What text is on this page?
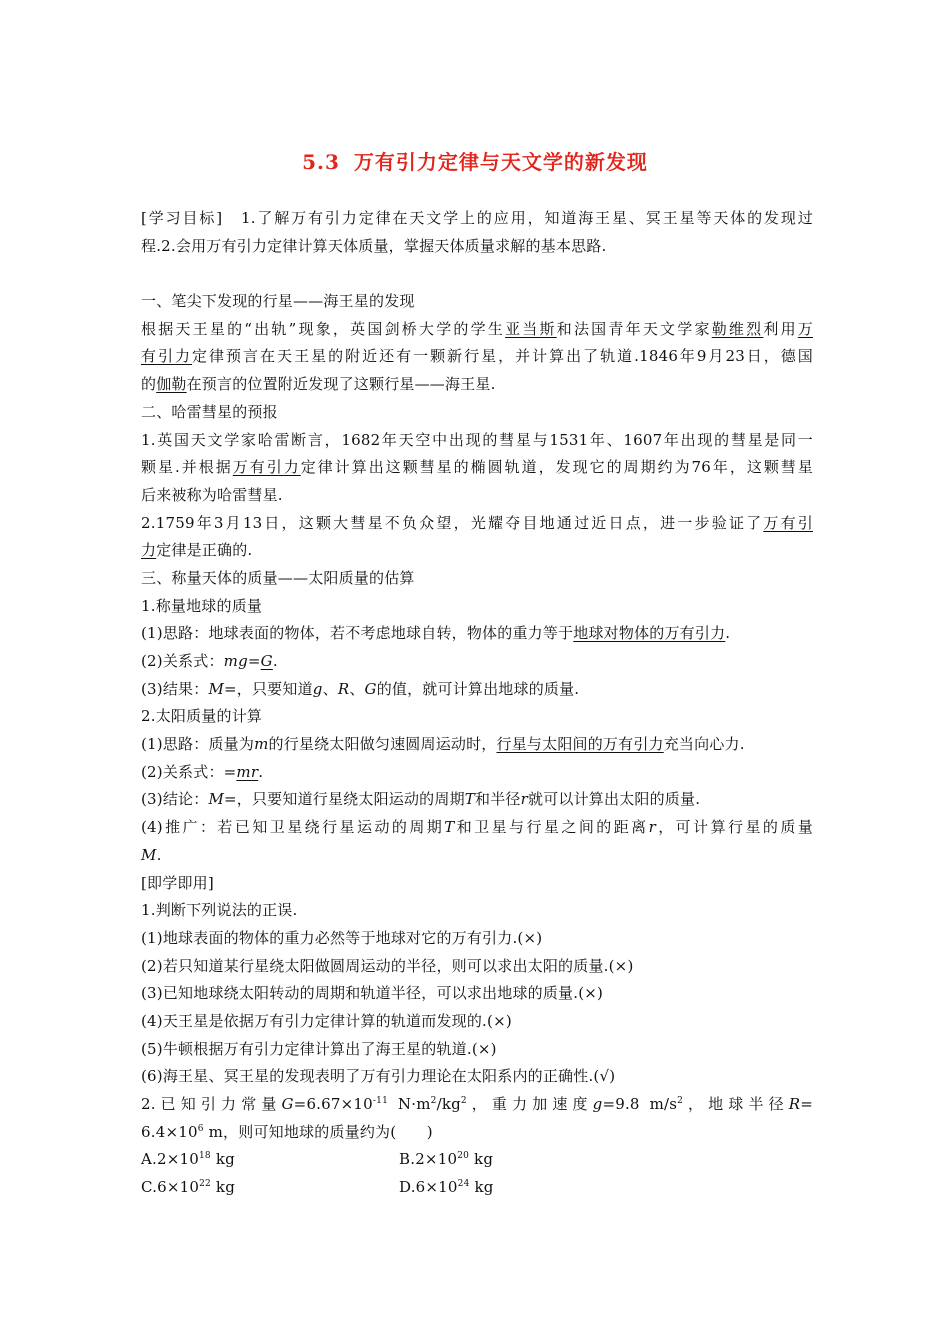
5.3 万有引力定律与天文学的新发现
[学习目标]　 1.了解万有引力定律在天文学上的应用，知道海王星、冥王星等天体的发现过
程.2.会用万有引力定律计算天体质量，掌握天体质量求解的基本思路.
一、笔尖下发现的行星——海王星的发现
根据天王星的“出轨”现象，英国剑桥大学的学生亚当斯和法国青年天文学家勒维烈利用万
有引力定律预言在天王星的附近还有一颗新行星，并计算出了轨道.1846年9月23日，德国
的伽勒在预言的位置附近发现了这颗行星——海王星.
二、哈雷彗星的预报
1.英国天文学家哈雷断言，1682年天空中出现的彗星与1531年、1607年出现的彗星是同一
颗星.并根据万有引力定律计算出这颗彗星的椭圆轨道，发现它的周期约为76年，这颗彗星
后来被称为哈雷彗星.
2.1759年3月13日，这颗大彗星不负众望，光耀夺目地通过近日点，进一步验证了万有引
力定律是正确的.
三、称量天体的质量——太阳质量的估算
1.称量地球的质量
(1)思路：地球表面的物体，若不考虑地球自转，物体的重力等于地球对物体的万有引力.
(2)关系式：mg=G.
(3)结果：M=，只要知道g、R、G的值，就可计算出地球的质量.
2.太阳质量的计算
(1)思路：质量为m的行星绕太阳做匀速圆周运动时，行星与太阳间的万有引力充当向心力.
(2)关系式：=mr.
(3)结论：M=，只要知道行星绕太阳运动的周期T和半径r就可以计算出太阳的质量.
(4)推广：若已知卫星绕行星运动的周期T和卫星与行星之间的距离r，可计算行星的质量
M.
[即学即用]
1.判断下列说法的正误.
(1)地球表面的物体的重力必然等于地球对它的万有引力.(×)
(2)若只知道某行星绕太阳做圆周运动的半径，则可以求出太阳的质量.(×)
(3)已知地球绕太阳转动的周期和轨道半径，可以求出地球的质量.(×)
(4)天王星是依据万有引力定律计算的轨道而发现的.(×)
(5)牛顿根据万有引力定律计算出了海王星的轨道.(×)
(6)海王星、冥王星的发现表明了万有引力理论在太阳系内的正确性.(√)
2.已知引力常量$G=6.67\times 10^{-11}$ $N\cdot m^2/kg^2$，重力加速度g=9.8 $m/s^2$，地球半径R=
$6.4\times 10^6$ m，则可知地球的质量约为(　　)
$A.2\times 10^{18}$ kg	$B.2\times 10^{20}$ kg
$C.6\times 10^{22}$ kg	$D.6\times 10^{24}$ kg
